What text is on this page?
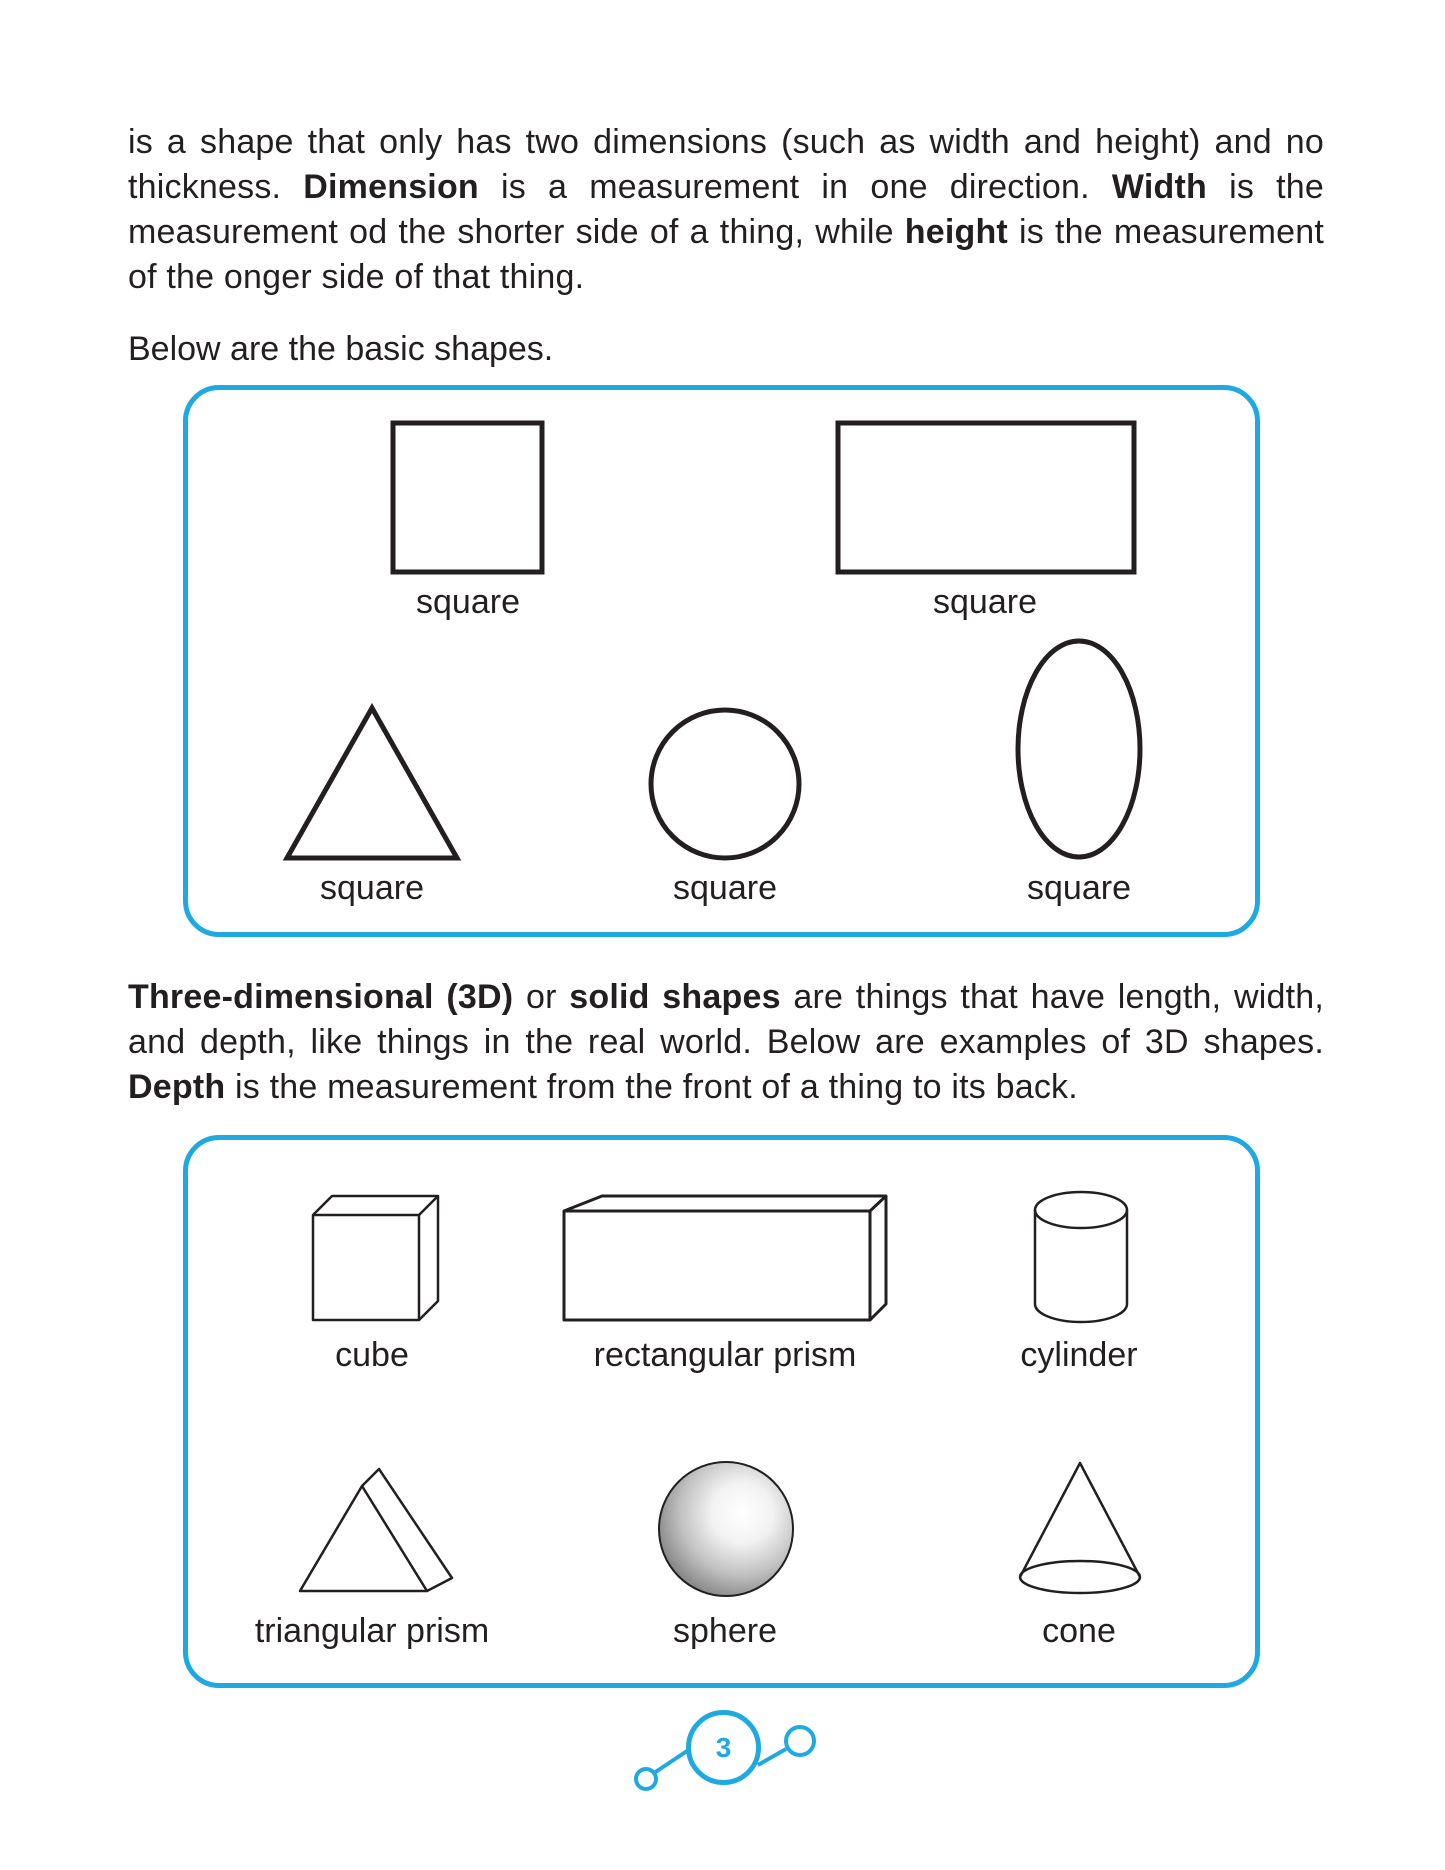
is a shape that only has two dimensions (such as width and height) and no thickness. Dimension is a measurement in one direction. Width is the measurement od the shorter side of a thing, while height is the measurement of the onger side of that thing.

Below are the basic shapes.

square	square
square	square	square

Three-dimensional (3D) or solid shapes are things that have length, width, and depth, like things in the real world. Below are examples of 3D shapes. Depth is the measurement from the front of a thing to its back.

cube	rectangular prism	cylinder
triangular prism	sphere	cone
3
